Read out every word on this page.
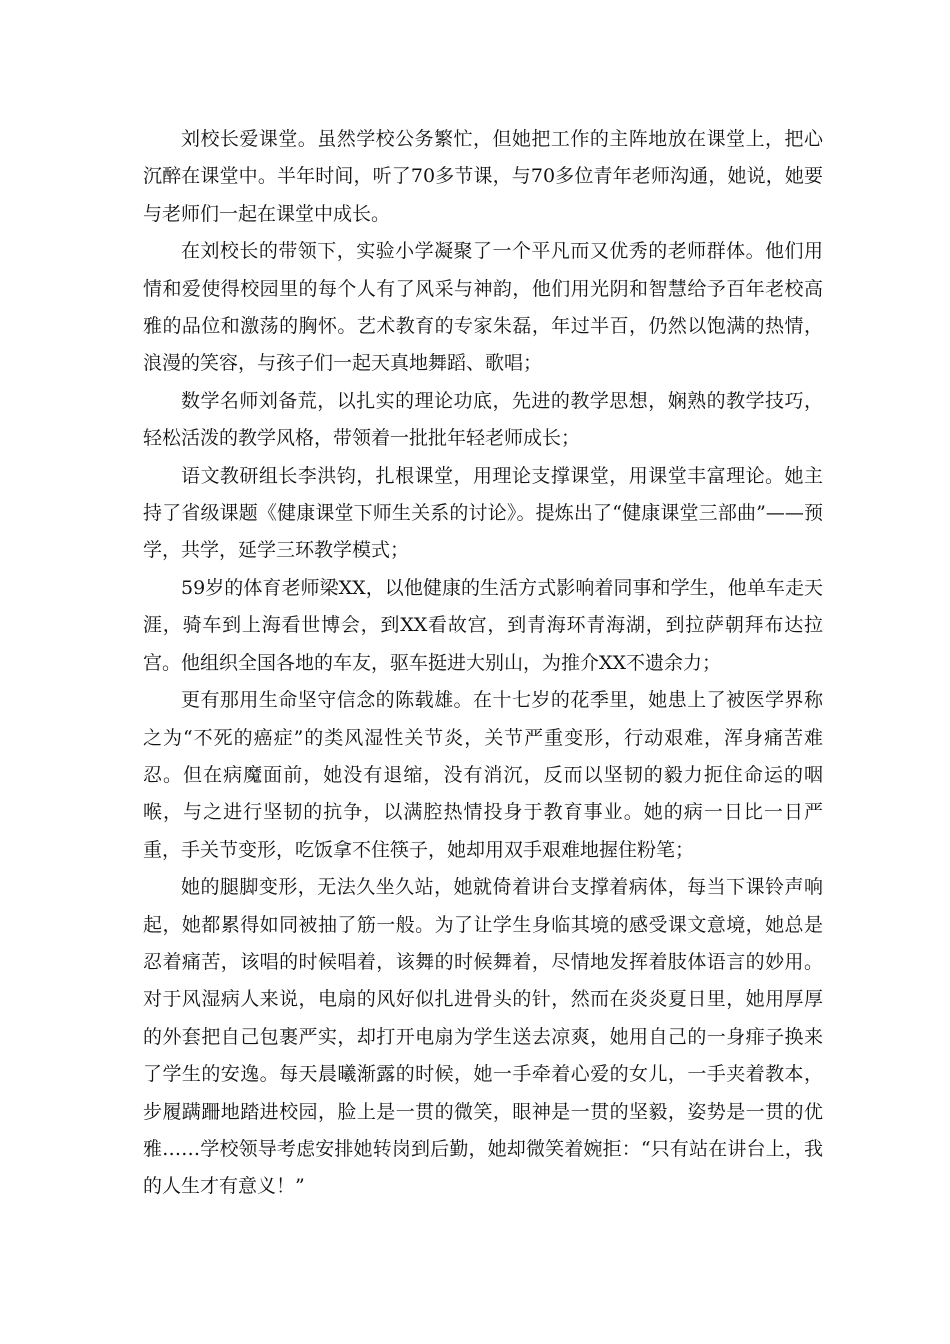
刘校长爱课堂。虽然学校公务繁忙，但她把工作的主阵地放在课堂上，把心沉醉在课堂中。半年时间，听了70多节课，与70多位青年老师沟通，她说，她要与老师们一起在课堂中成长。

在刘校长的带领下，实验小学凝聚了一个平凡而又优秀的老师群体。他们用情和爱使得校园里的每个人有了风采与神韵，他们用光阴和智慧给予百年老校高雅的品位和激荡的胸怀。艺术教育的专家朱磊，年过半百，仍然以饱满的热情，浪漫的笑容，与孩子们一起天真地舞蹈、歌唱；

数学名师刘备荒，以扎实的理论功底，先进的教学思想，娴熟的教学技巧，轻松活泼的教学风格，带领着一批批年轻老师成长；

语文教研组长李洪钧，扎根课堂，用理论支撑课堂，用课堂丰富理论。她主持了省级课题《健康课堂下师生关系的讨论》。提炼出了“健康课堂三部曲”——预学，共学，延学三环教学模式；

59岁的体育老师梁XX，以他健康的生活方式影响着同事和学生，他单车走天涯，骑车到上海看世博会，到XX看故宫，到青海环青海湖，到拉萨朝拜布达拉宫。他组织全国各地的车友，驱车挺进大别山，为推介XX不遗余力；

更有那用生命坚守信念的陈载雄。在十七岁的花季里，她患上了被医学界称之为“不死的癌症”的类风湿性关节炎，关节严重变形，行动艰难，浑身痛苦难忍。但在病魔面前，她没有退缩，没有消沉，反而以坚韧的毅力扼住命运的咽喉，与之进行坚韧的抗争，以满腔热情投身于教育事业。她的病一日比一日严重，手关节变形，吃饭拿不住筷子，她却用双手艰难地握住粉笔；

她的腿脚变形，无法久坐久站，她就倚着讲台支撑着病体，每当下课铃声响起，她都累得如同被抽了筋一般。为了让学生身临其境的感受课文意境，她总是忍着痛苦，该唱的时候唱着，该舞的时候舞着，尽情地发挥着肢体语言的妙用。对于风湿病人来说，电扇的风好似扎进骨头的针，然而在炎炎夏日里，她用厚厚的外套把自己包裹严实，却打开电扇为学生送去凉爽，她用自己的一身痱子换来了学生的安逸。每天晨曦渐露的时候，她一手牵着心爱的女儿，一手夹着教本，步履蹒跚地踏进校园，脸上是一贯的微笑，眼神是一贯的坚毅，姿势是一贯的优雅……学校领导考虑安排她转岗到后勤，她却微笑着婉拒：“只有站在讲台上，我的人生才有意义！”
